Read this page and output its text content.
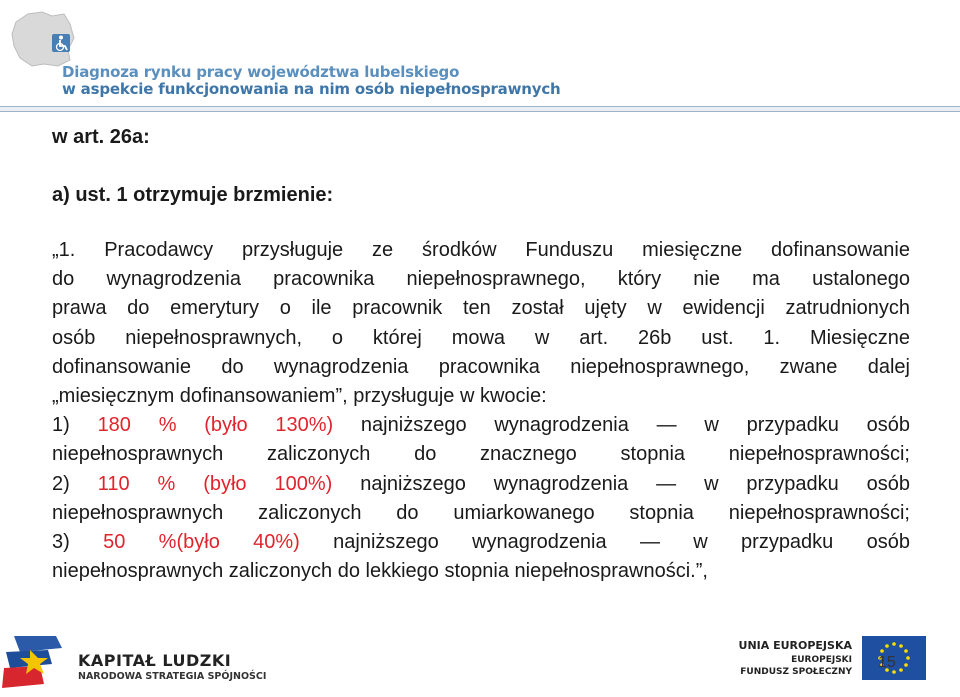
Diagnoza rynku pracy województwa lubelskiego
w aspekcie funkcjonowania na nim osób niepełnosprawnych
w art. 26a:
a) ust. 1 otrzymuje brzmienie:
„1. Pracodawcy przysługuje ze środków Funduszu miesięczne dofinansowanie
do wynagrodzenia pracownika niepełnosprawnego, który nie ma ustalonego
prawa do emerytury o ile pracownik ten został ujęty w ewidencji zatrudnionych
osób niepełnosprawnych, o której mowa w art. 26b ust. 1. Miesięczne
dofinansowanie do wynagrodzenia pracownika niepełnosprawnego, zwane dalej
„miesięcznym dofinansowaniem”, przysługuje w kwocie:
1) 180 % (było 130%) najniższego wynagrodzenia — w przypadku osób
niepełnosprawnych zaliczonych do znacznego stopnia niepełnosprawności;
2) 110 % (było 100%) najniższego wynagrodzenia — w przypadku osób
niepełnosprawnych zaliczonych do umiarkowanego stopnia niepełnosprawności;
3) 50 %(było 40%) najniższego wynagrodzenia — w przypadku osób
niepełnosprawnych zaliczonych do lekkiego stopnia niepełnosprawności.”,
KAPITAŁ LUDZKI
NARODOWA STRATEGIA SPÓJNOŚCI
UNIA EUROPEJSKA
EUROPEJSKI
FUNDUSZ SPOŁECZNY
15
